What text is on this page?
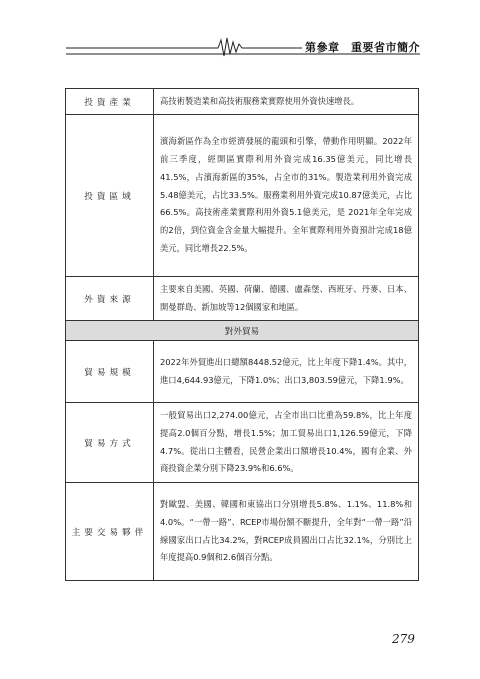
第參章　重要省市簡介
投資產業	高技術製造業和高技術服務業實際使用外資快速增長。
投資區域	濱海新區作為全市經濟發展的龍頭和引擎，帶動作用明顯。2022年前三季度，經開區實際利用外資完成16.35億美元，同比增長41.5%，占濱海新區的35%，占全市的31%。製造業利用外資完成5.48億美元，占比33.5%。服務業利用外資完成10.87億美元，占比66.5%。高技術產業實際利用外資5.1億美元，是 2021年全年完成的2倍，到位資金含金量大幅提升。全年實際利用外資預計完成18億美元，同比增長22.5%。
外資來源	主要來自美國、英國、荷蘭、德國、盧森堡、西班牙、丹麥、日本、開曼群島、新加坡等12個國家和地區。
對外貿易	
貿易規模	2022年外貿進出口總額8448.52億元，比上年度下降1.4%。其中，進口4,644.93億元，下降1.0%；出口3,803.59億元，下降1.9%。
貿易方式	一般貿易出口2,274.00億元，占全市出口比重為59.8%，比上年度提高2.0個百分點，增長1.5%；加工貿易出口1,126.59億元，下降4.7%。從出口主體看，民營企業出口額增長10.4%，國有企業、外商投資企業分別下降23.9%和6.6%。
主要交易夥伴	對歐盟、美國、韓國和東協出口分別增長5.8%、1.1%、11.8%和4.0%。“一帶一路”、RCEP市場份額不斷提升，全年對“一帶一路”沿線國家出口占比34.2%，對RCEP成員國出口占比32.1%，分別比上年度提高0.9個和2.6個百分點。
279
